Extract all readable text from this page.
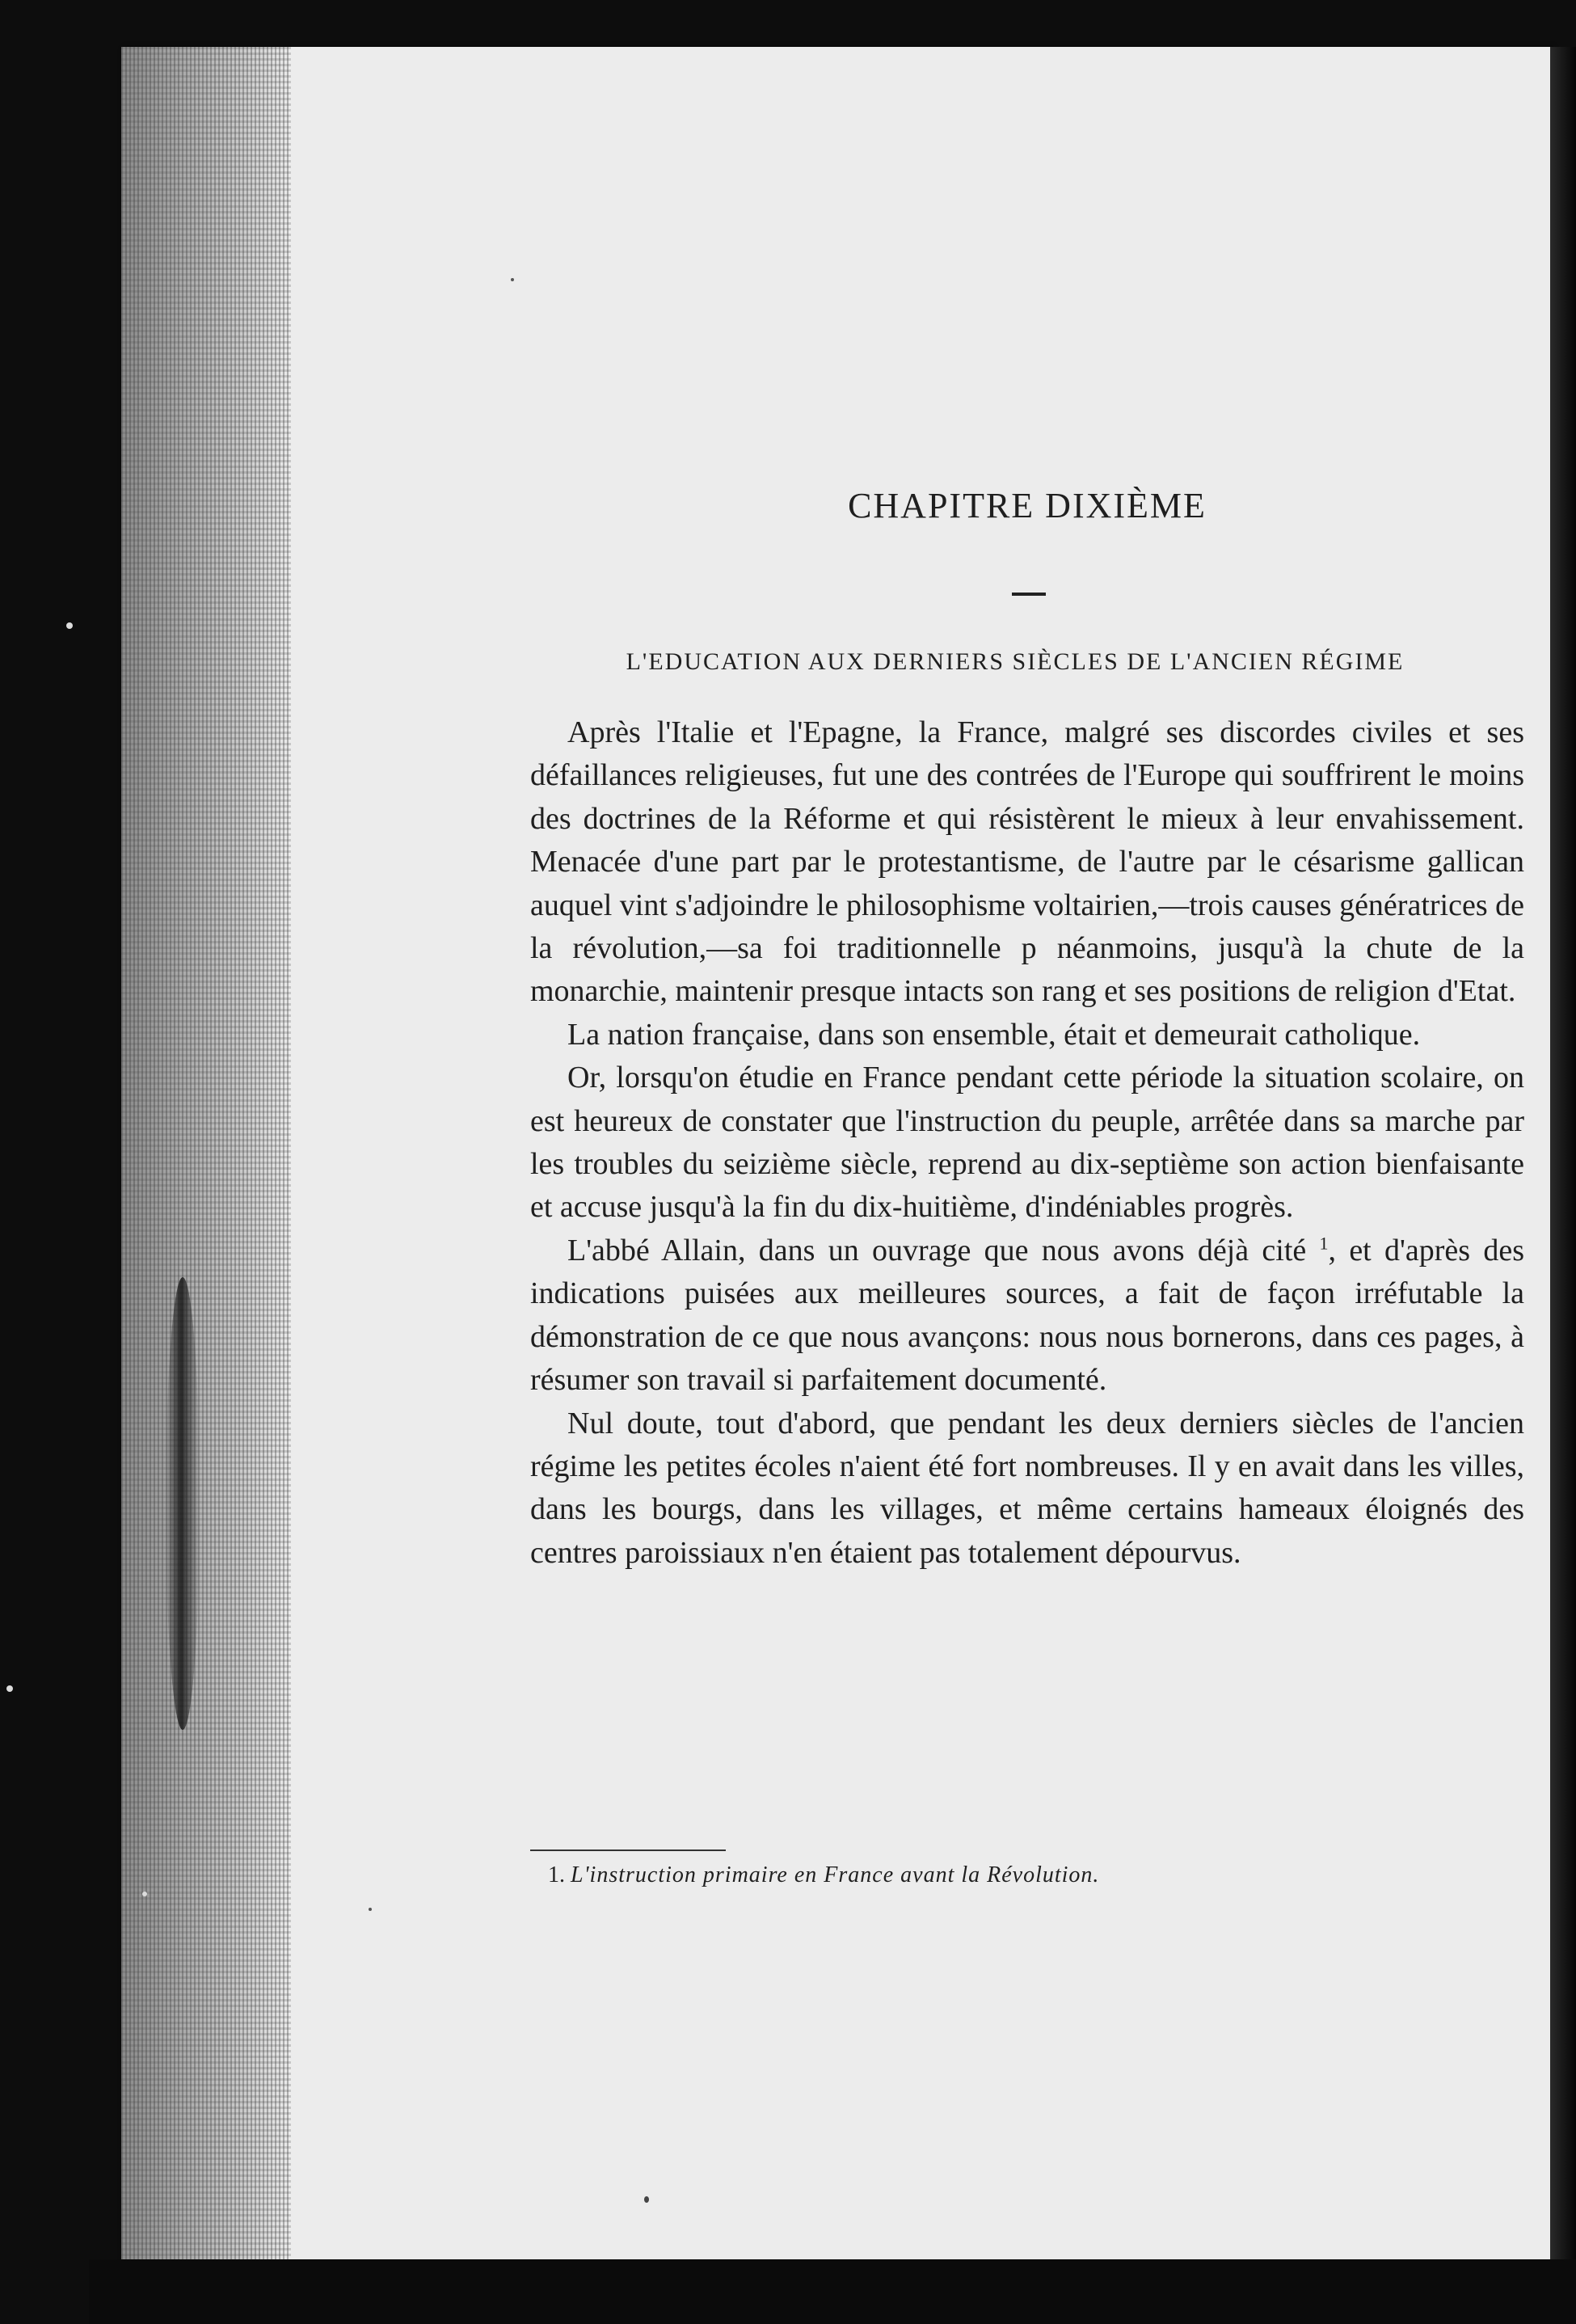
CHAPITRE DIXIÈME
L'EDUCATION AUX DERNIERS SIÈCLES DE L'ANCIEN RÉGIME

Après l'Italie et l'Epagne, la France, malgré ses discordes civiles et ses défaillances religieuses, fut une des contrées de l'Europe qui souffrirent le moins des doctrines de la Réforme et qui résistèrent le mieux à leur envahissement. Menacée d'une part par le protestantisme, de l'autre par le césarisme gallican auquel vint s'adjoindre le philosophisme voltairien,—trois causes génératrices de la révolution,—sa foi traditionnelle p néanmoins, jusqu'à la chute de la monarchie, maintenir presque intacts son rang et ses positions de religion d'Etat.

La nation française, dans son ensemble, était et demeurait catholique.

Or, lorsqu'on étudie en France pendant cette période la situation scolaire, on est heureux de constater que l'instruction du peuple, arrêtée dans sa marche par les troubles du seizième siècle, reprend au dix-septième son action bienfaisante et accuse jusqu'à la fin du dix-huitième, d'indéniables progrès.

L'abbé Allain, dans un ouvrage que nous avons déjà cité $^1$, et d'après des indications puisées aux meilleures sources, a fait de façon irréfutable la démonstration de ce que nous avançons: nous nous bornerons, dans ces pages, à résumer son travail si parfaitement documenté.

Nul doute, tout d'abord, que pendant les deux derniers siècles de l'ancien régime les petites écoles n'aient été fort nombreuses. Il y en avait dans les villes, dans les bourgs, dans les villages, et même certains hameaux éloignés des centres paroissiaux n'en étaient pas totalement dépourvus.

1. L'instruction primaire en France avant la Révolution.
